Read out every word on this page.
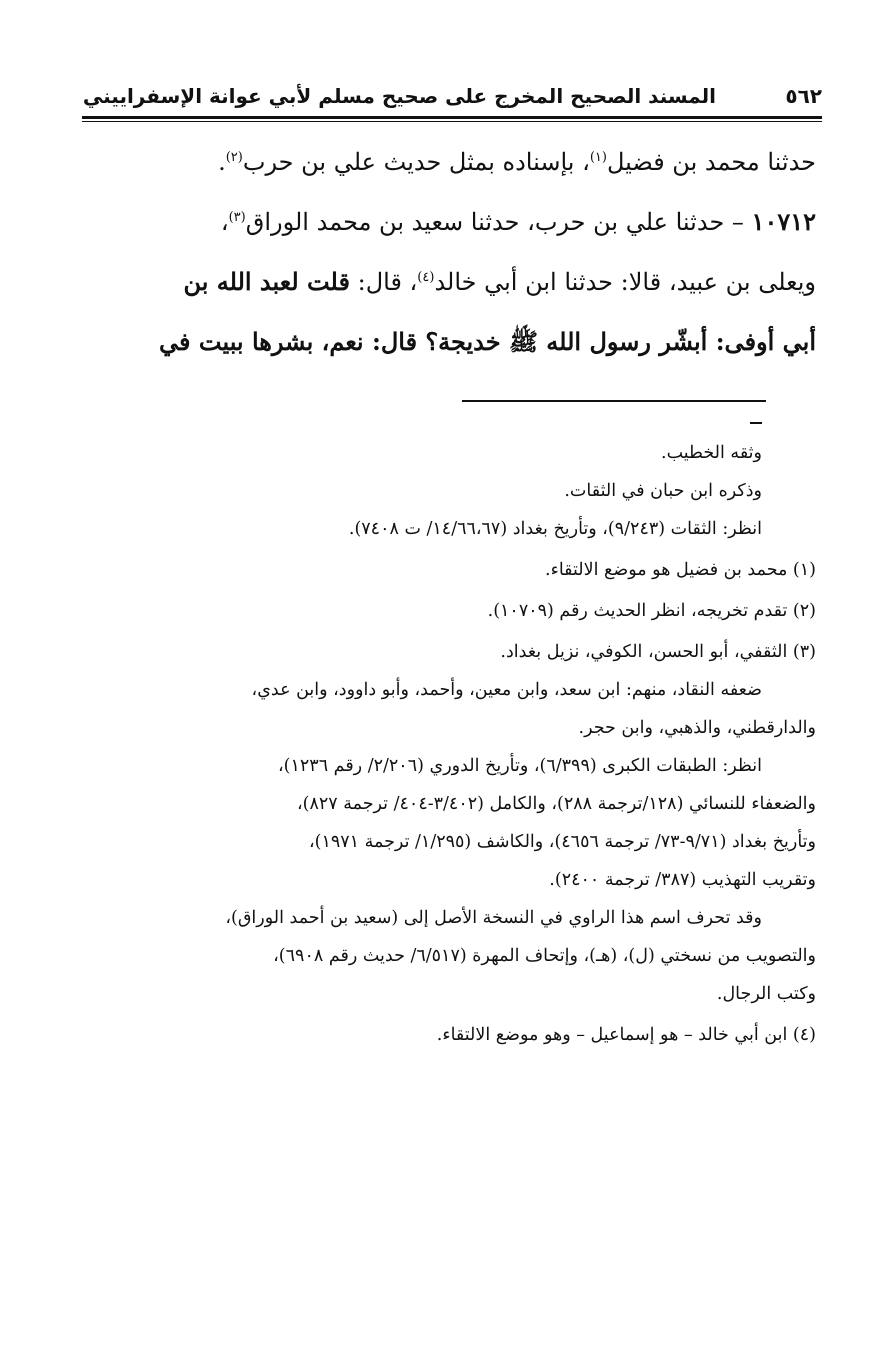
٥٦٢
المسند الصحيح المخرج على صحيح مسلم لأبي عوانة الإسفراييني

حدثنا محمد بن فضيل$^{(١)}$، بإسناده بمثل حديث علي بن حرب$^{(٢)}$.

١٠٧١٢ – حدثنا علي بن حرب، حدثنا سعيد بن محمد الوراق$^{(٣)}$،

ويعلى بن عبيد، قالا: حدثنا ابن أبي خالد$^{(٤)}$، قال: قلت لعبد الله بن

أبي أوفى: أبشّر رسول الله ﷺ خديجة؟ قال: نعم، بشرها ببيت في

وثقه الخطيب.

وذكره ابن حبان في الثقات.

انظر: الثقات (٩/٢٤٣)، وتأريخ بغداد (١٤/٦٦،٦٧/ ت ٧٤٠٨).

(١) محمد بن فضيل هو موضع الالتقاء.

(٢) تقدم تخريجه، انظر الحديث رقم (١٠٧٠٩).

(٣) الثقفي، أبو الحسن، الكوفي، نزيل بغداد.

ضعفه النقاد، منهم: ابن سعد، وابن معين، وأحمد، وأبو داوود، وابن عدي،

والدارقطني، والذهبي، وابن حجر.

انظر: الطبقات الكبرى (٦/٣٩٩)، وتأريخ الدوري (٢/٢٠٦/ رقم ١٢٣٦)،

والضعفاء للنسائي (١٢٨/ترجمة ٢٨٨)، والكامل (٣/٤٠٢-٤٠٤/ ترجمة ٨٢٧)،

وتأريخ بغداد (٩/٧١-٧٣/ ترجمة ٤٦٥٦)، والكاشف (١/٢٩٥/ ترجمة ١٩٧١)،

وتقريب التهذيب (٣٨٧/ ترجمة ٢٤٠٠).

وقد تحرف اسم هذا الراوي في النسخة الأصل إلى (سعيد بن أحمد الوراق)،

والتصويب من نسختي (ل)، (هـ)، وإتحاف المهرة (٦/٥١٧/ حديث رقم ٦٩٠٨)،

وكتب الرجال.

(٤) ابن أبي خالد – هو إسماعيل – وهو موضع الالتقاء.
